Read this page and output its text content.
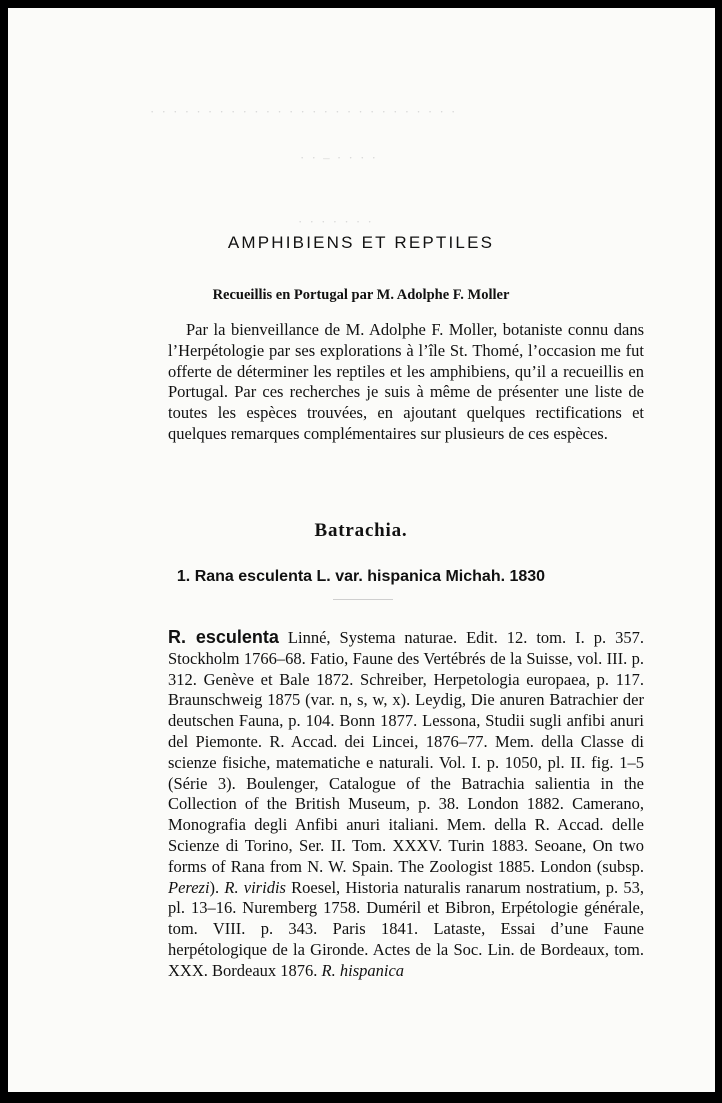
· · · · · · · · · · · · · · · · · · · · · · · · · · ·
· · – · · · ·
· · · · · · ·
AMPHIBIENS ET REPTILES
Recueillis en Portugal par M. Adolphe F. Moller

Par la bienveillance de M. Adolphe F. Moller, botaniste connu dans l’Herpétologie par ses explorations à l’île St. Thomé, l’occasion me fut offerte de déterminer les reptiles et les amphibiens, qu’il a recueillis en Portugal. Par ces recherches je suis à même de présenter une liste de toutes les espèces trouvées, en ajoutant quelques rectifications et quelques remarques complémentaires sur plusieurs de ces espèces.

Batrachia.
1. Rana esculenta L. var. hispanica Michah. 1830

R. esculenta Linné, Systema naturae. Edit. 12. tom. I. p. 357. Stockholm 1766–68. Fatio, Faune des Vertébrés de la Suisse, vol. III. p. 312. Genève et Bale 1872. Schreiber, Herpetologia europaea, p. 117. Braunschweig 1875 (var. n, s, w, x). Leydig, Die anuren Batrachier der deutschen Fauna, p. 104. Bonn 1877. Lessona, Studii sugli anfibi anuri del Piemonte. R. Accad. dei Lincei, 1876–77. Mem. della Classe di scienze fisiche, matematiche e naturali. Vol. I. p. 1050, pl. II. fig. 1–5 (Série 3). Boulenger, Catalogue of the Batrachia salientia in the Collection of the British Museum, p. 38. London 1882. Camerano, Monografia degli Anfibi anuri italiani. Mem. della R. Accad. delle Scienze di Torino, Ser. II. Tom. XXXV. Turin 1883. Seoane, On two forms of Rana from N. W. Spain. The Zoologist 1885. London (subsp. Perezi). R. viridis Roesel, Historia naturalis ranarum nostratium, p. 53, pl. 13–16. Nuremberg 1758. Duméril et Bibron, Erpétologie générale, tom. VIII. p. 343. Paris 1841. Lataste, Essai d’une Faune herpétologique de la Gironde. Actes de la Soc. Lin. de Bordeaux, tom. XXX. Bordeaux 1876. R. hispanica
